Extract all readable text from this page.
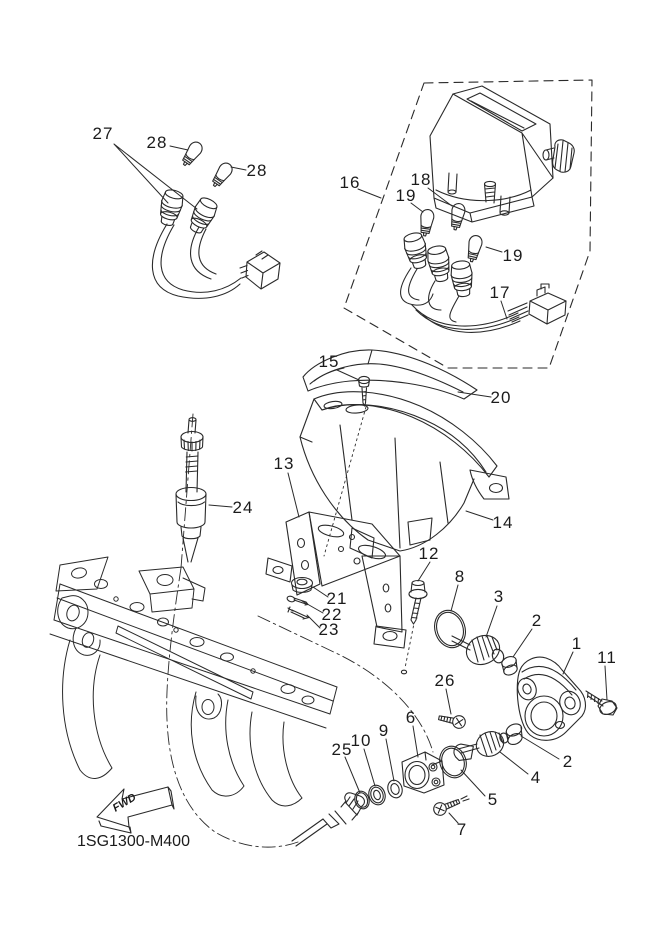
27 28
28
16	18
19
19
17
15
20
13
24
14
12
8
3
21
22
23	2
1
11
26
6
9
10
25
2
4
5
7
1SG1300-M400
FWD
